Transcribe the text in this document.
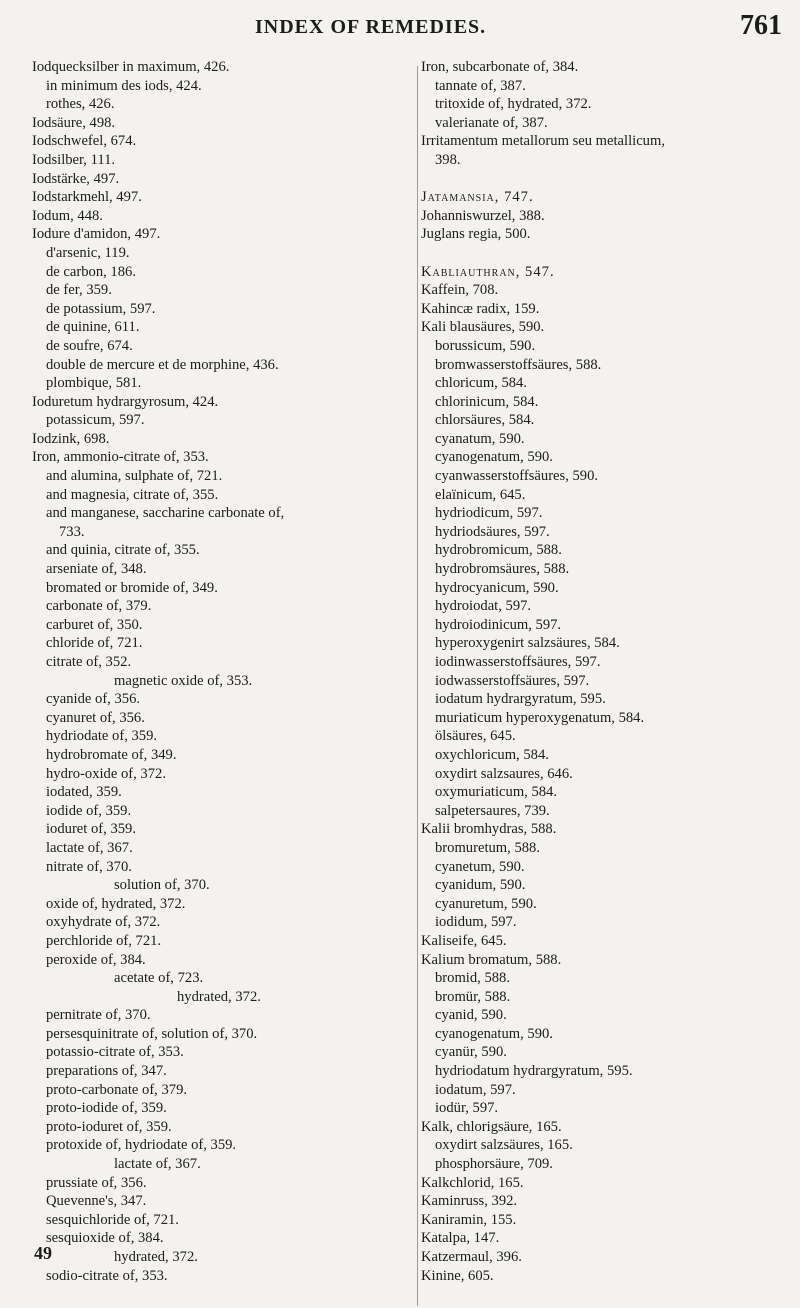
INDEX OF REMEDIES.	761
Iodquecksilber in maximum, 426.
in minimum des iods, 424.
rothes, 426.
Iodsäure, 498.
Iodschwefel, 674.
Iodsilber, 111.
Iodstärke, 497.
Iodstarkmehl, 497.
Iodum, 448.
Iodure d'amidon, 497.
d'arsenic, 119.
de carbon, 186.
de fer, 359.
de potassium, 597.
de quinine, 611.
de soufre, 674.
double de mercure et de morphine, 436.
plombique, 581.
Ioduretum hydrargyrosum, 424.
potassicum, 597.
Iodzink, 698.
Iron, ammonio-citrate of, 353.
and alumina, sulphate of, 721.
and magnesia, citrate of, 355.
and manganese, saccharine carbonate of,
733.
and quinia, citrate of, 355.
arseniate of, 348.
bromated or bromide of, 349.
carbonate of, 379.
carburet of, 350.
chloride of, 721.
citrate of, 352.
magnetic oxide of, 353.
cyanide of, 356.
cyanuret of, 356.
hydriodate of, 359.
hydrobromate of, 349.
hydro-oxide of, 372.
iodated, 359.
iodide of, 359.
ioduret of, 359.
lactate of, 367.
nitrate of, 370.
solution of, 370.
oxide of, hydrated, 372.
oxyhydrate of, 372.
perchloride of, 721.
peroxide of, 384.
acetate of, 723.
hydrated, 372.
pernitrate of, 370.
persesquinitrate of, solution of, 370.
potassio-citrate of, 353.
preparations of, 347.
proto-carbonate of, 379.
proto-iodide of, 359.
proto-ioduret of, 359.
protoxide of, hydriodate of, 359.
lactate of, 367.
prussiate of, 356.
Quevenne's, 347.
sesquichloride of, 721.
sesquioxide of, 384.
hydrated, 372.
sodio-citrate of, 353.
Iron, subcarbonate of, 384.
tannate of, 387.
tritoxide of, hydrated, 372.
valerianate of, 387.
Irritamentum metallorum seu metallicum,
398.

Jatamansia, 747.
Johanniswurzel, 388.
Juglans regia, 500.

Kabliauthran, 547.
Kaffein, 708.
Kahincæ radix, 159.
Kali blausäures, 590.
borussicum, 590.
bromwasserstoffsäures, 588.
chloricum, 584.
chlorinicum, 584.
chlorsäures, 584.
cyanatum, 590.
cyanogenatum, 590.
cyanwasserstoffsäures, 590.
elaïnicum, 645.
hydriodicum, 597.
hydriodsäures, 597.
hydrobromicum, 588.
hydrobromsäures, 588.
hydrocyanicum, 590.
hydroiodat, 597.
hydroiodinicum, 597.
hyperoxygenirt salzsäures, 584.
iodinwasserstoffsäures, 597.
iodwasserstoffsäures, 597.
iodatum hydrargyratum, 595.
muriaticum hyperoxygenatum, 584.
ölsäures, 645.
oxychloricum, 584.
oxydirt salzsaures, 646.
oxymuriaticum, 584.
salpetersaures, 739.
Kalii bromhydras, 588.
bromuretum, 588.
cyanetum, 590.
cyanidum, 590.
cyanuretum, 590.
iodidum, 597.
Kaliseife, 645.
Kalium bromatum, 588.
bromid, 588.
bromür, 588.
cyanid, 590.
cyanogenatum, 590.
cyanür, 590.
hydriodatum hydrargyratum, 595.
iodatum, 597.
iodür, 597.
Kalk, chlorigsäure, 165.
oxydirt salzsäures, 165.
phosphorsäure, 709.
Kalkchlorid, 165.
Kaminruss, 392.
Kaniramin, 155.
Katalpa, 147.
Katzermaul, 396.
Kinine, 605.
49
